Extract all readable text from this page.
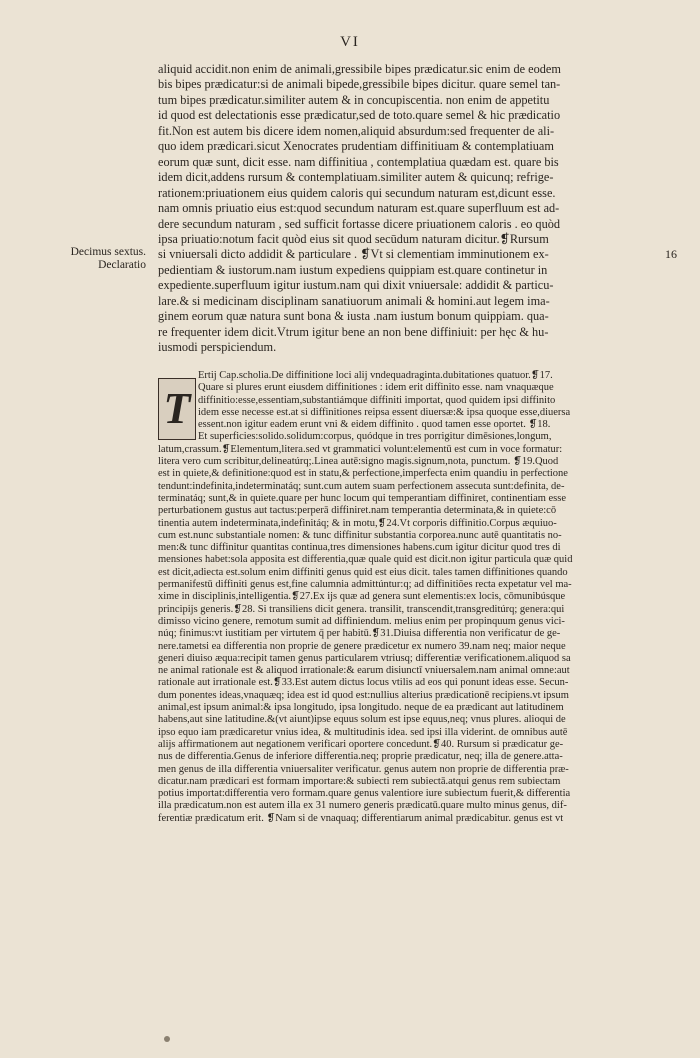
VI
Decimus sextus.
Declaratio
16
aliquid accidit.non enim de animali,gressibile bipes prædicatur.sic enim de eodem
bis bipes prædicatur:si de animali bipede,gressibile bipes dicitur. quare semel tan-
tum bipes prædicatur.similiter autem & in concupiscentia. non enim de appetitu
id quod est delectationis esse prædicatur,sed de toto.quare semel & hic prædicatio
fit.Non est autem bis dicere idem nomen,aliquid absurdum:sed frequenter de ali-
quo idem prædicari.sicut Xenocrates prudentiam diffinitiuam & contemplatiuam
eorum quæ sunt, dicit esse. nam diffinitiua , contemplatiua quædam est. quare bis
idem dicit,addens rursum & contemplatiuam.similiter autem & quicunq; refrige-
rationem:priuationem eius quidem caloris qui secundum naturam est,dicunt esse.
nam omnis priuatio eius est:quod secundum naturam est.quare superfluum est ad-
dere secundum naturam , sed sufficit fortasse dicere priuationem caloris . eo quòd
ipsa priuatio:notum facit quòd eius sit quod secūdum naturam dicitur.❡Rursum
si vniuersali dicto addidit & particulare . ❡Vt si clementiam imminutionem ex-
pedientiam & iustorum.nam iustum expediens quippiam est.quare continetur in
expediente.superfluum igitur iustum.nam qui dixit vniuersale: addidit & particu-
lare.& si medicinam disciplinam sanatiuorum animali & homini.aut legem ima-
ginem eorum quæ natura sunt bona & iusta .nam iustum bonum quippiam. qua-
re frequenter idem dicit.Vtrum igitur bene an non bene diffiniuit: per hęc & hu-
iusmodi perspiciendum.
T
Ertij Cap.scholia.De diffinitione loci alij vndequadraginta.dubitationes quatuor.❡17.
Quare si plures erunt eiusdem diffinitiones : idem erit diffinito esse. nam vnaquæque
diffinitio:esse,essentiam,substantiámque diffiniti importat, quod quidem ipsi diffinito
idem esse necesse est.at si diffinitiones reipsa essent diuersæ:& ipsa quoque esse,diuersa
essent.non igitur eadem erunt vni & eidem diffinito . quod tamen esse oportet. ❡18.
Et superficies:solido.solidum:corpus, quódque in tres porrigitur dimēsiones,longum,
latum,crassum.❡Elementum,litera.sed vt grammatici volunt:elementū est cum in voce formatur:
litera vero cum scribitur,delineatúrq;.Linea autē:signo magis.signum,nota, punctum. ❡19.Quod
est in quiete,& definitione:quod est in statu,& perfectione,imperfecta enim quandiu in perfectione
tendunt:indefinita,indeterminatáq; sunt.cum autem suam perfectionem assecuta sunt:definita, de-
terminatáq; sunt,& in quiete.quare per hunc locum qui temperantiam diffiniret, continentiam esse
perturbationem gustus aut tactus:perperā diffiniret.nam temperantia determinata,& in quiete:cō
tinentia autem indeterminata,indefinitáq; & in motu,❡24.Vt corporis diffinitio.Corpus æquiuo-
cum est.nunc substantiale nomen: & tunc diffinitur substantia corporea.nunc autē quantitatis no-
men:& tunc diffinitur quantitas continua,tres dimensiones habens.cum igitur dicitur quod tres di
mensiones habet:sola apposita est differentia,quæ quale quid est dicit.non igitur particula quæ quid
est dicit,adiecta est.solum enim diffiniti genus quid est eius dicit. tales tamen diffinitiones quando
permanifestū diffiniti genus est,fine calumnia admittúntur:q; ad diffinitiões recta expetatur vel ma-
xime in disciplinis,intelligentia.❡27.Ex ijs quæ ad genera sunt elementis:ex locis, cōmunibúsque
principijs generis.❡28. Si transiliens dicit genera. transilit, transcendit,transgreditúrq; genera:qui
dimisso vicino genere, remotum sumit ad diffiniendum. melius enim per propinquum genus vici-
núq; finimus:vt iustitiam per virtutem q̄ per habitū.❡31.Diuisa differentia non verificatur de ge-
nere.tametsi ea differentia non proprie de genere prædicetur ex numero 39.nam neq; maior neque
generi diuiso æqua:recipit tamen genus particularem vtriusq; differentiæ verificationem.aliquod sa
ne animal rationale est & aliquod irrationale:& earum disiunctī vniuersalem.nam animal omne:aut
rationale aut irrationale est.❡33.Est autem dictus locus vtilis ad eos qui ponunt ideas esse. Secun-
dum ponentes ideas,vnaquæq; idea est id quod est:nullius alterius prædicationē recipiens.vt ipsum
animal,est ipsum animal:& ipsa longitudo, ipsa longitudo. neque de ea prædicant aut latitudinem
habens,aut sine latitudine.&(vt aiunt)ipse equus solum est ipse equus,neq; vnus plures. alioqui de
ipso equo iam prædicaretur vnius idea, & multitudinis idea. sed ipsi illa viderint. de omnibus autē
alijs affirmationem aut negationem verificari oportere concedunt.❡40. Rursum si prædicatur ge-
nus de differentia.Genus de inferiore differentia.neq; proprie prædicatur, neq; illa de genere.atta-
men genus de illa differentia vniuersaliter verificatur. genus autem non proprie de differentia præ-
dicatur.nam prædicari est formam importare:& subiecti rem subiectā.atqui genus rem subiectam
potius importat:differentia vero formam.quare genus valentiore iure subiectum fuerit,& differentia
illa prædicatum.non est autem illa ex 31 numero generis prædicatū.quare multo minus genus, dif-
ferentiæ prædicatum erit. ❡Nam si de vnaquaq; differentiarum animal prædicabitur. genus est vt
